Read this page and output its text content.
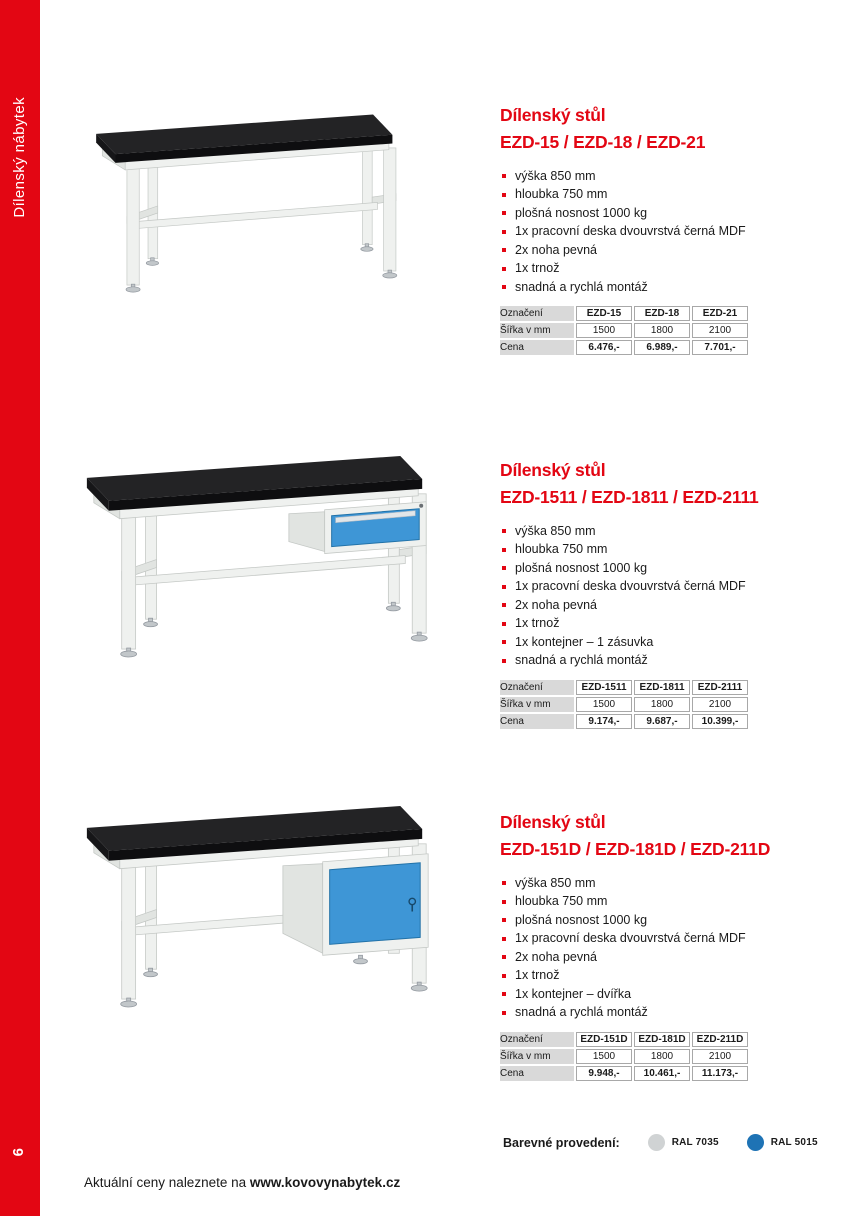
Dílenský nábytek
6
Dílenský stůl
EZD-15 / EZD-18 / EZD-21
výška 850 mm
hloubka 750 mm
plošná nosnost 1000 kg
1x pracovní deska dvouvrstvá černá MDF
2x noha pevná
1x trnož
snadná a rychlá montáž
Označení	EZD-15	EZD-18	EZD-21
Šířka v mm	1500	1800	2100
Cena	6.476,-	6.989,-	7.701,-
Dílenský stůl
EZD-1511 / EZD-1811 / EZD-2111
výška 850 mm
hloubka 750 mm
plošná nosnost 1000 kg
1x pracovní deska dvouvrstvá černá MDF
2x noha pevná
1x trnož
1x kontejner – 1 zásuvka
snadná a rychlá montáž
Označení	EZD-1511	EZD-1811	EZD-2111
Šířka v mm	1500	1800	2100
Cena	9.174,-	9.687,-	10.399,-
Dílenský stůl
EZD-151D / EZD-181D / EZD-211D
výška 850 mm
hloubka 750 mm
plošná nosnost 1000 kg
1x pracovní deska dvouvrstvá černá MDF
2x noha pevná
1x trnož
1x kontejner – dvířka
snadná a rychlá montáž
Označení	EZD-151D	EZD-181D	EZD-211D
Šířka v mm	1500	1800	2100
Cena	9.948,-	10.461,-	11.173,-
Barevné provedení:	RAL 7035	RAL 5015
Aktuální ceny naleznete na www.kovovynabytek.cz
